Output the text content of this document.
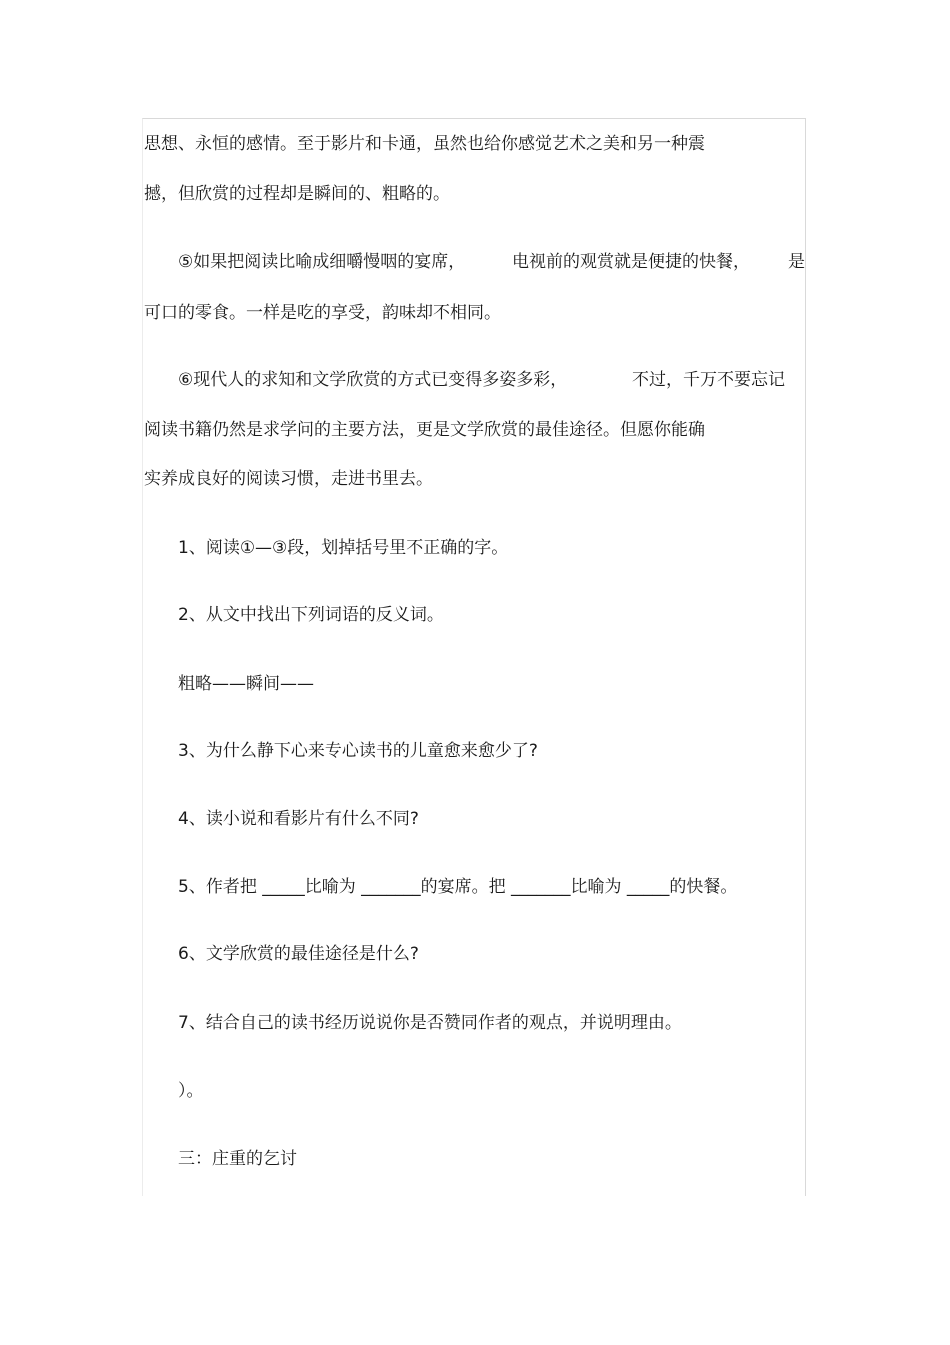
思想、永恒的感情。至于影片和卡通，虽然也给你感觉艺术之美和另一种震
撼，但欣赏的过程却是瞬间的、粗略的。
⑤如果把阅读比喻成细嚼慢咽的宴席，	电视前的观赏就是便捷的快餐， 是
可口的零食。一样是吃的享受，韵味却不相同。
⑥现代人的求知和文学欣赏的方式已变得多姿多彩，	不过，千万不要忘记
阅读书籍仍然是求学问的主要方法，更是文学欣赏的最佳途径。但愿你能确
实养成良好的阅读习惯，走进书里去。
1、阅读①—③段，划掉括号里不正确的字。
2、从文中找出下列词语的反义词。
粗略——瞬间——
3、为什么静下心来专心读书的儿童愈来愈少了?
4、读小说和看影片有什么不同?
5、作者把 _____比喻为 _______的宴席。把 _______比喻为 _____的快餐。
6、文学欣赏的最佳途径是什么?
7、结合自己的读书经历说说你是否赞同作者的观点，并说明理由。
）。
三：庄重的乞讨
